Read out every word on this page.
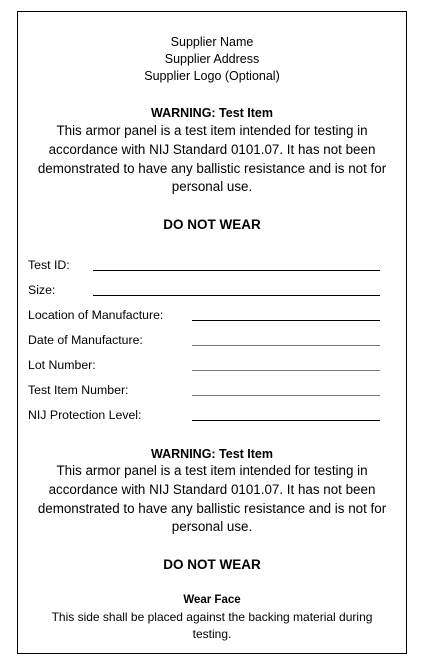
Supplier Name
Supplier Address
Supplier Logo (Optional)
WARNING: Test Item
This armor panel is a test item intended for testing in accordance with NIJ Standard 0101.07. It has not been demonstrated to have any ballistic resistance and is not for personal use.
DO NOT WEAR
Test ID:
Size:
Location of Manufacture:
Date of Manufacture:
Lot Number:
Test Item Number:
NIJ Protection Level:
WARNING: Test Item
This armor panel is a test item intended for testing in accordance with NIJ Standard 0101.07. It has not been demonstrated to have any ballistic resistance and is not for personal use.
DO NOT WEAR
Wear Face
This side shall be placed against the backing material during testing.
